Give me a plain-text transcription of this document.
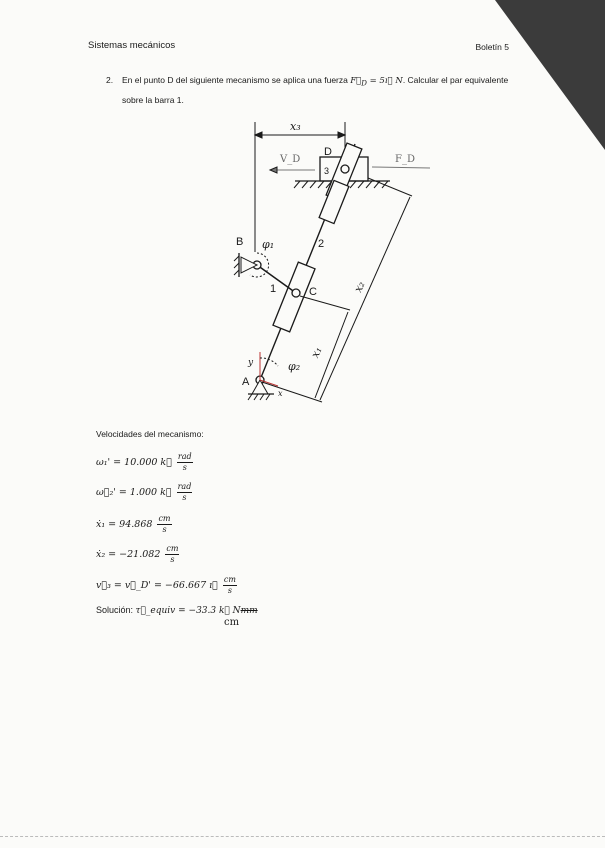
Sistemas mecánicos	Boletín 5
2. En el punto D del siguiente mecanismo se aplica una fuerza $F⃗_D$ = 5ı⃗ N. Calcular el par equivalente sobre la barra 1.
x₃
D
3
V_D	F_D
B φ₁	2
1	C	x₂
x₁
φ₂
y
A
x
Velocidades del mecanismo:
ω₁' = 10.000 k⃗ $\frac{\text{rad}}{s}$
ω⃗₂' = 1.000 k⃗ $\frac{\text{rad}}{s}$
ẋ₁ = $94.868 \frac{cm}{s}$
ẋ₂ = $-21.082 \frac{cm}{s}$
v⃗₃ = v⃗_D' = −66.667 ı⃗ $\frac{cm}{s}$
Solución: τ⃗_equiv = −33.3 k⃗ Nmm
cm
